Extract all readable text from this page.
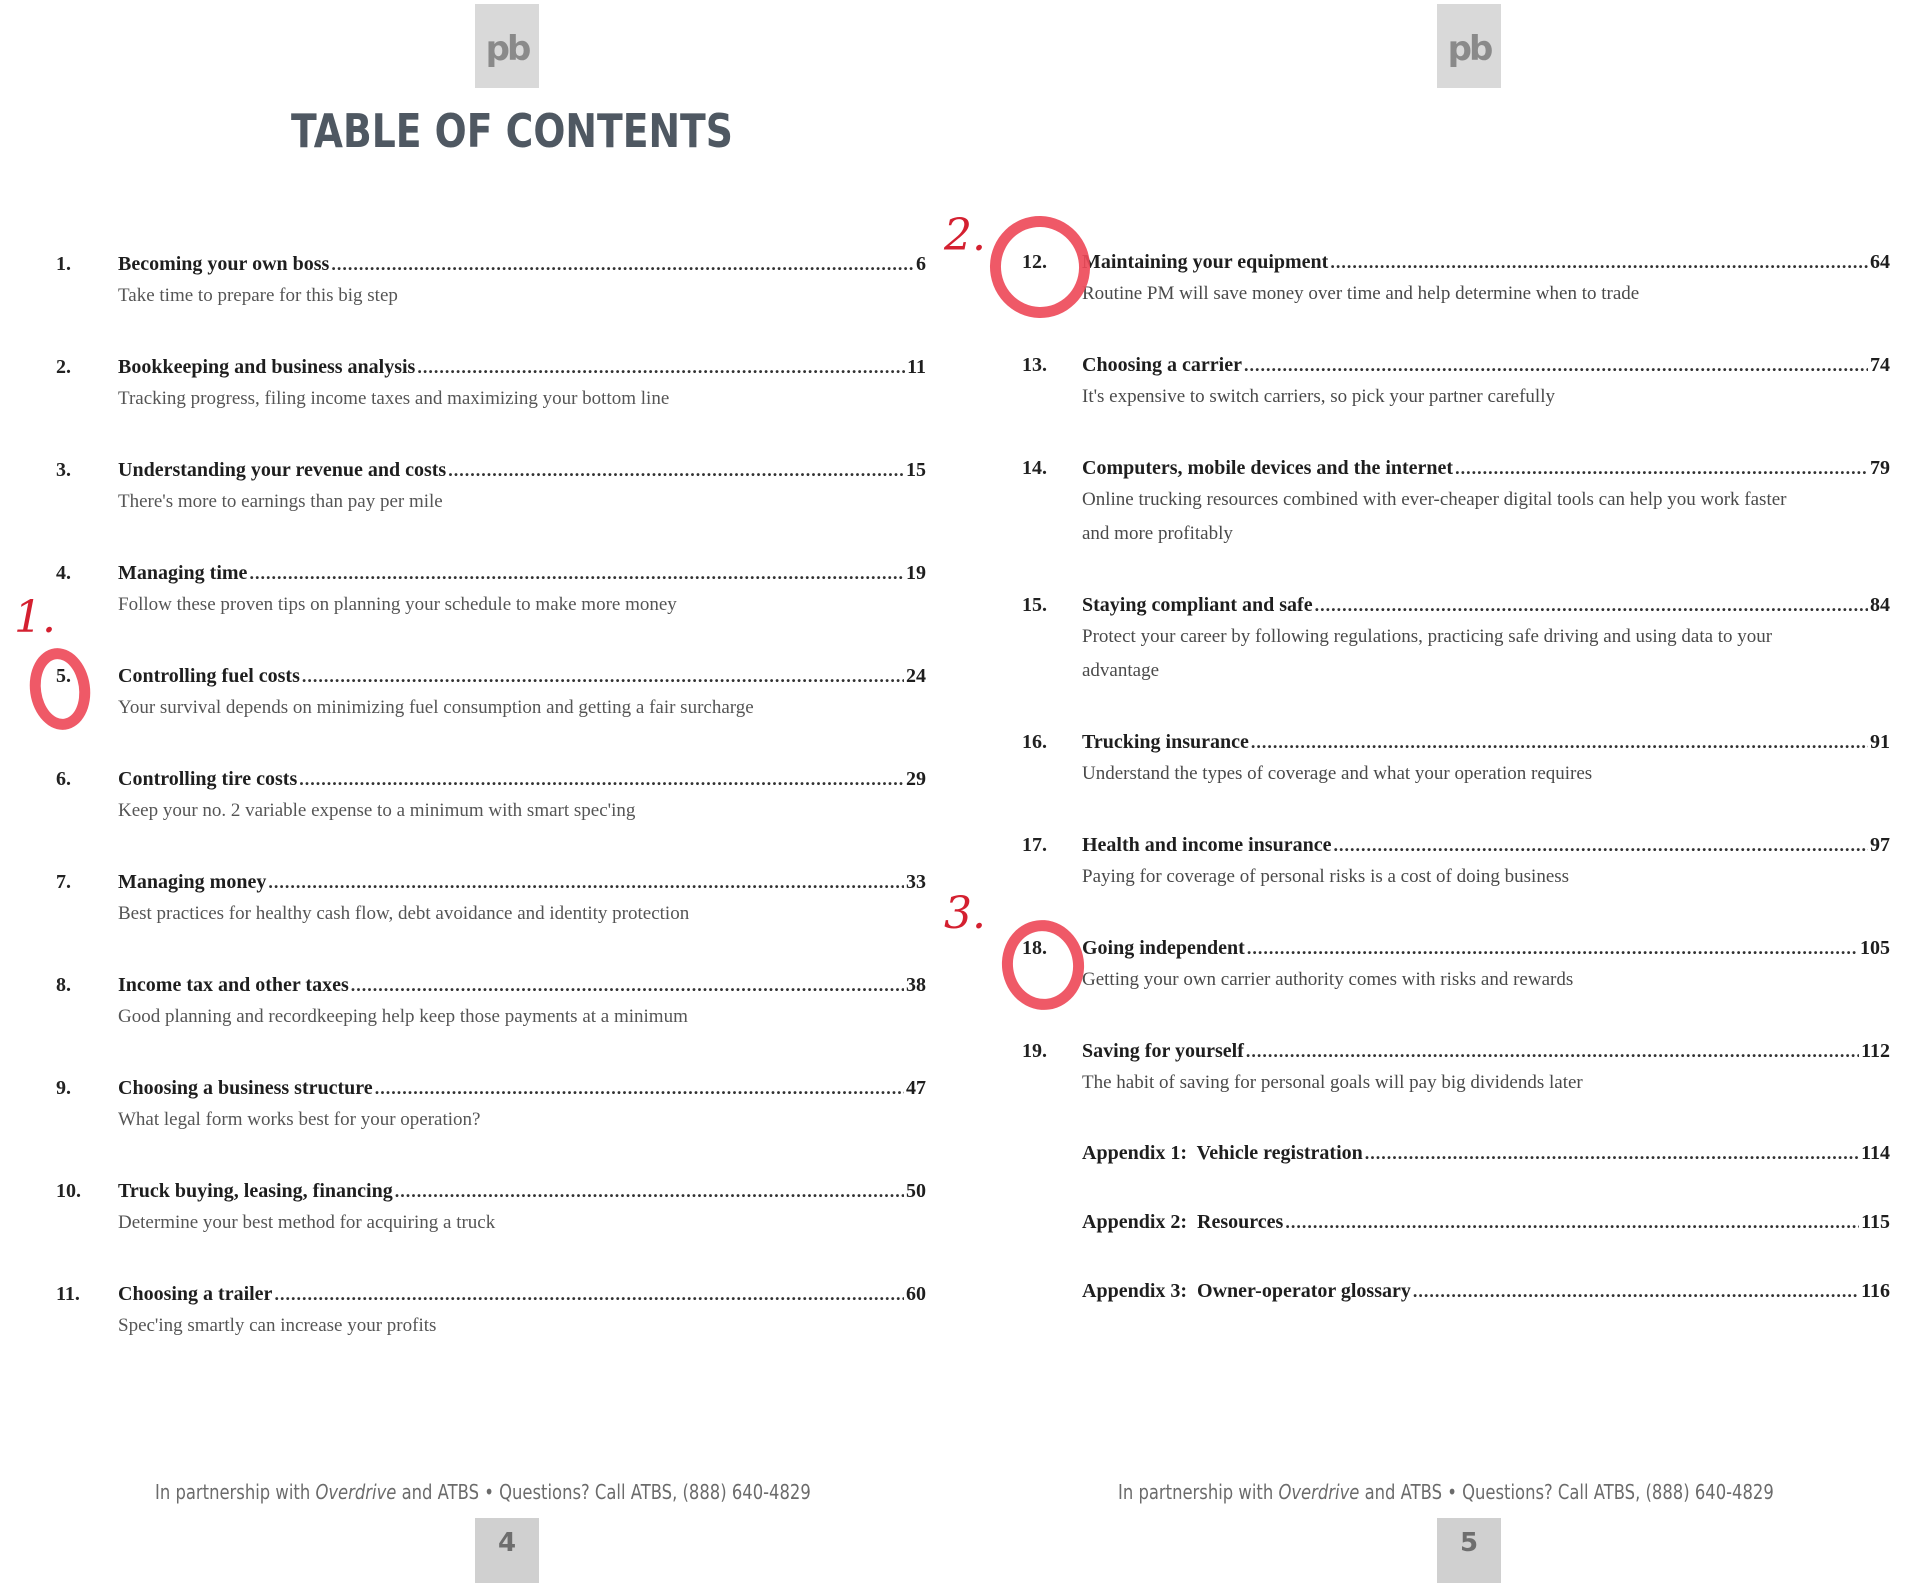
pb
TABLE OF CONTENTS
pb
1. Becoming your own boss .....	6
Take time to prepare for this big step
2. Bookkeeping and business analysis .....	11
Tracking progress, filing income taxes and maximizing your bottom line
3. Understanding your revenue and costs .....	15
There's more to earnings than pay per mile
4. Managing time .....	19
Follow these proven tips on planning your schedule to make more money
5. Controlling fuel costs .....	24
Your survival depends on minimizing fuel consumption and getting a fair surcharge
6. Controlling tire costs .....	29
Keep your no. 2 variable expense to a minimum with smart spec'ing
7. Managing money .....	33
Best practices for healthy cash flow, debt avoidance and identity protection
8. Income tax and other taxes .....	38
Good planning and recordkeeping help keep those payments at a minimum
9. Choosing a business structure .....	47
What legal form works best for your operation?
10. Truck buying, leasing, financing .....	50
Determine your best method for acquiring a truck
11. Choosing a trailer .....	60
Spec'ing smartly can increase your profits
12. Maintaining your equipment .....	64
Routine PM will save money over time and help determine when to trade
13. Choosing a carrier .....	74
It's expensive to switch carriers, so pick your partner carefully
14. Computers, mobile devices and the internet .....	79
Online trucking resources combined with ever-cheaper digital tools can help you work faster
and more profitably
15. Staying compliant and safe .....	84
Protect your career by following regulations, practicing safe driving and using data to your
advantage
16. Trucking insurance .....	91
Understand the types of coverage and what your operation requires
17. Health and income insurance .....	97
Paying for coverage of personal risks is a cost of doing business
18. Going independent .....	105
Getting your own carrier authority comes with risks and rewards
19. Saving for yourself .....	112
The habit of saving for personal goals will pay big dividends later
Appendix 1:  Vehicle registration .....	114
Appendix 2:  Resources .....	115
Appendix 3:  Owner-operator glossary .....	116
In partnership with Overdrive and ATBS • Questions? Call ATBS, (888) 640-4829	In partnership with Overdrive and ATBS • Questions? Call ATBS, (888) 640-4829
4	5
1.
2.
3.
